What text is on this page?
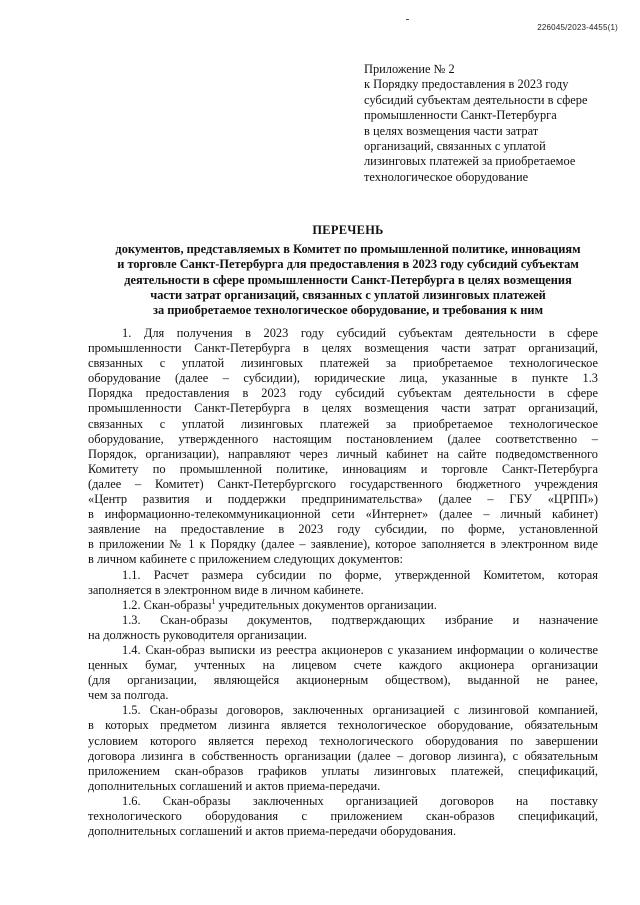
226045/2023-4455(1)
Приложение № 2
к Порядку предоставления в 2023 году
субсидий субъектам деятельности в сфере
промышленности Санкт-Петербурга
в целях возмещения части затрат
организаций, связанных с уплатой
лизинговых платежей за приобретаемое
технологическое оборудование
ПЕРЕЧЕНЬ
документов, представляемых в Комитет по промышленной политике, инновациям
и торговле Санкт-Петербурга для предоставления в 2023 году субсидий субъектам
деятельности в сфере промышленности Санкт-Петербурга в целях возмещения
части затрат организаций, связанных с уплатой лизинговых платежей
за приобретаемое технологическое оборудование, и требования к ним
1. Для получения в 2023 году субсидий субъектам деятельности в сфере
промышленности Санкт-Петербурга в целях возмещения части затрат организаций,
связанных с уплатой лизинговых платежей за приобретаемое технологическое
оборудование (далее – субсидии), юридические лица, указанные в пункте 1.3
Порядка предоставления в 2023 году субсидий субъектам деятельности в сфере
промышленности Санкт-Петербурга в целях возмещения части затрат организаций,
связанных с уплатой лизинговых платежей за приобретаемое технологическое
оборудование, утвержденного настоящим постановлением (далее соответственно –
Порядок, организации), направляют через личный кабинет на сайте подведомственного
Комитету по промышленной политике, инновациям и торговле Санкт-Петербурга
(далее – Комитет) Санкт-Петербургского государственного бюджетного учреждения
«Центр развития и поддержки предпринимательства» (далее – ГБУ «ЦРПП»)
в информационно-телекоммуникационной сети «Интернет» (далее – личный кабинет)
заявление на предоставление в 2023 году субсидии, по форме, установленной
в приложении № 1 к Порядку (далее – заявление), которое заполняется в электронном виде
в личном кабинете с приложением следующих документов:
1.1. Расчет размера субсидии по форме, утвержденной Комитетом, которая
заполняется в электронном виде в личном кабинете.
1.2. Скан-образы$^1$ учредительных документов организации.
1.3. Скан-образы документов, подтверждающих избрание и назначение
на должность руководителя организации.
1.4. Скан-образ выписки из реестра акционеров с указанием информации о количестве
ценных бумаг, учтенных на лицевом счете каждого акционера организации
(для организации, являющейся акционерным обществом), выданной не ранее,
чем за полгода.
1.5. Скан-образы договоров, заключенных организацией с лизинговой компанией,
в которых предметом лизинга является технологическое оборудование, обязательным
условием которого является переход технологического оборудования по завершении
договора лизинга в собственность организации (далее – договор лизинга), с обязательным
приложением скан-образов графиков уплаты лизинговых платежей, спецификаций,
дополнительных соглашений и актов приема-передачи.
1.6. Скан-образы заключенных организацией договоров на поставку
технологического оборудования с приложением скан-образов спецификаций,
дополнительных соглашений и актов приема-передачи оборудования.
